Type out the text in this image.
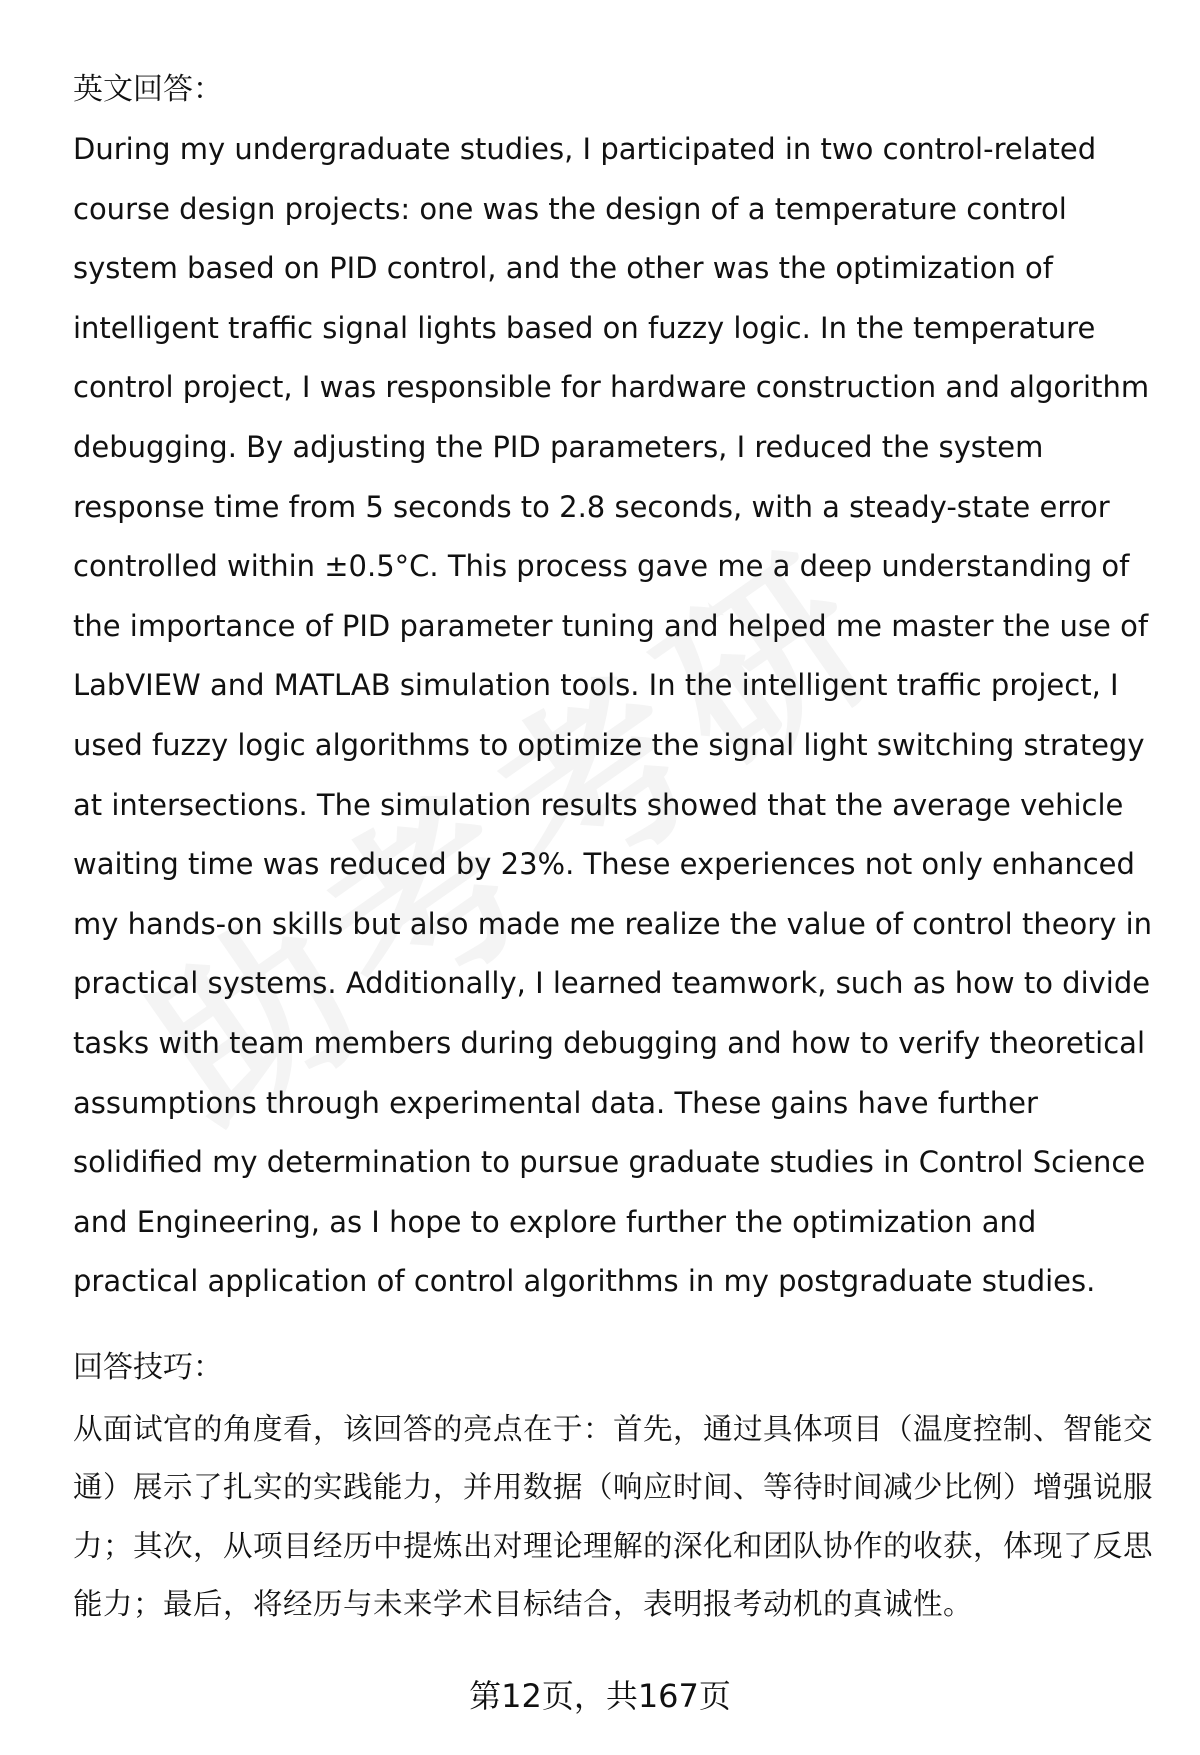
英文回答：

During my undergraduate studies, I participated in two control-related course design projects: one was the design of a temperature control system based on PID control, and the other was the optimization of intelligent traffic signal lights based on fuzzy logic. In the temperature control project, I was responsible for hardware construction and algorithm debugging. By adjusting the PID parameters, I reduced the system response time from 5 seconds to 2.8 seconds, with a steady-state error controlled within ±0.5°C. This process gave me a deep understanding of the importance of PID parameter tuning and helped me master the use of LabVIEW and MATLAB simulation tools. In the intelligent traffic project, I used fuzzy logic algorithms to optimize the signal light switching strategy at intersections. The simulation results showed that the average vehicle waiting time was reduced by 23%. These experiences not only enhanced my hands-on skills but also made me realize the value of control theory in practical systems. Additionally, I learned teamwork, such as how to divide tasks with team members during debugging and how to verify theoretical assumptions through experimental data. These gains have further solidified my determination to pursue graduate studies in Control Science and Engineering, as I hope to explore further the optimization and practical application of control algorithms in my postgraduate studies.

回答技巧：

从面试官的角度看，该回答的亮点在于：首先，通过具体项目（温度控制、智能交通）展示了扎实的实践能力，并用数据（响应时间、等待时间减少比例）增强说服力；其次，从项目经历中提炼出对理论理解的深化和团队协作的收获，体现了反思能力；最后，将经历与未来学术目标结合，表明报考动机的真诚性。

第12页，共167页
